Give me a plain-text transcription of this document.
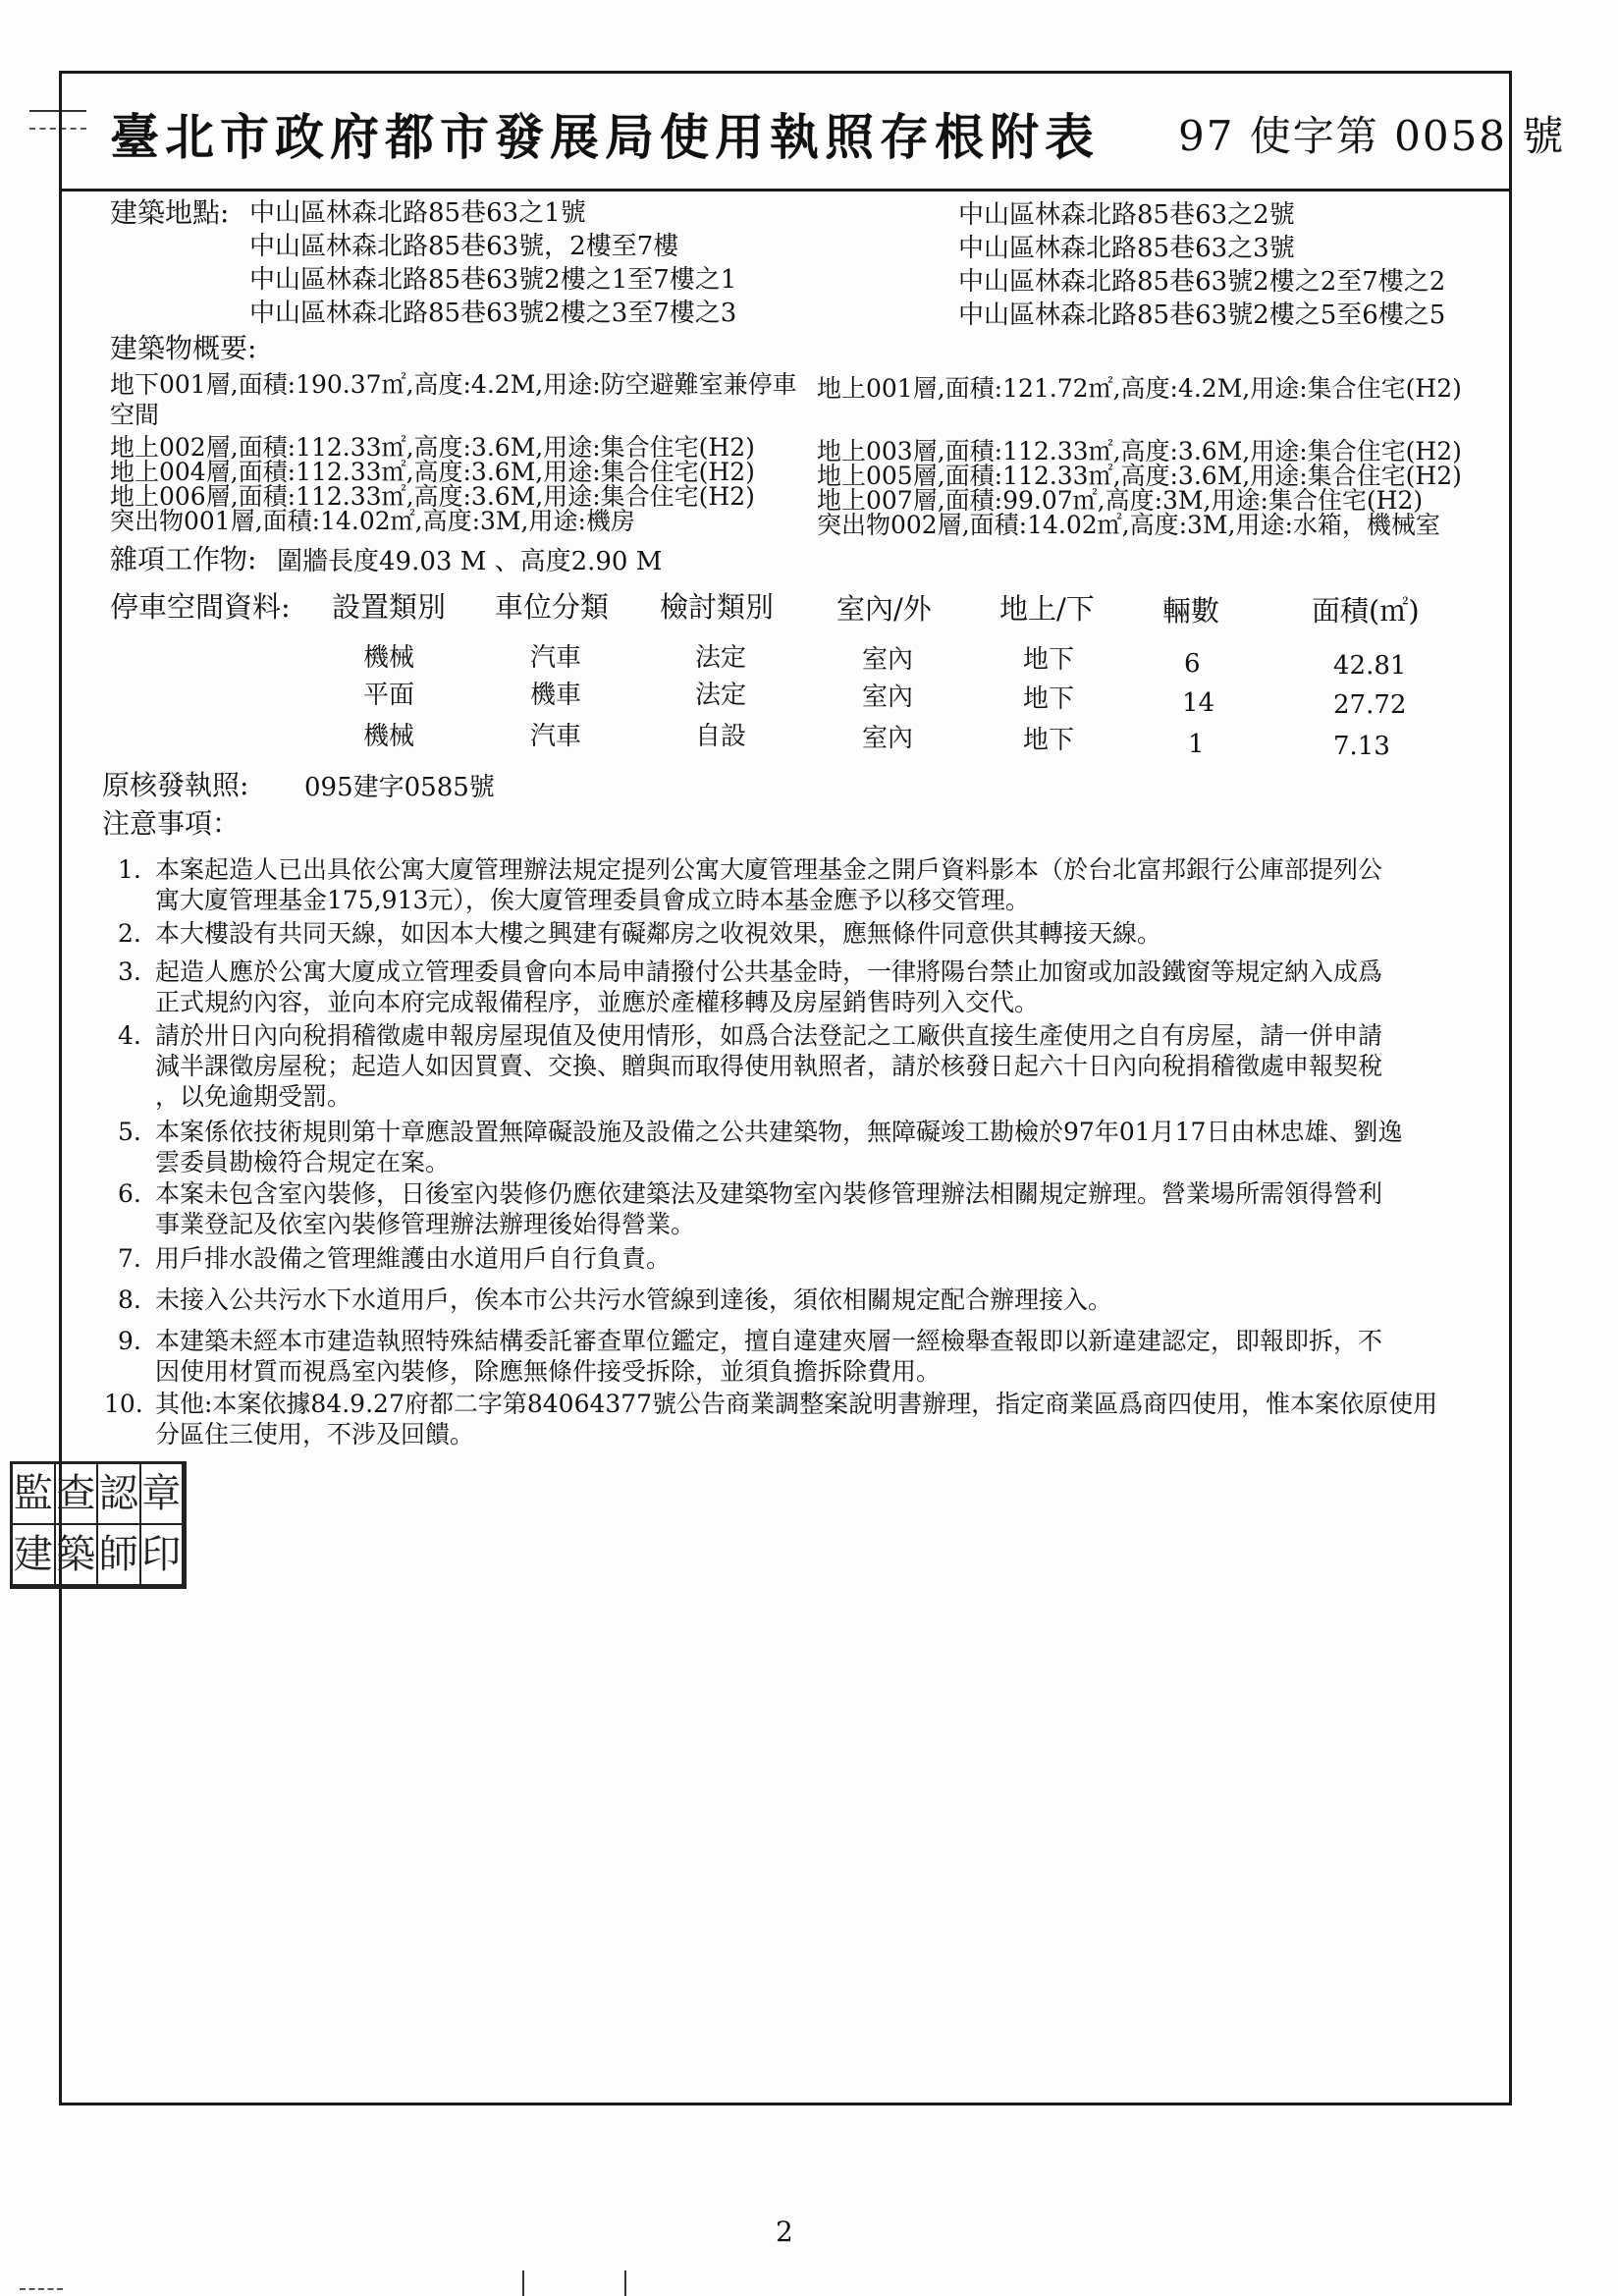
臺北市政府都市發展局使用執照存根附表 97 使字第 0058 號
建築地點: 中山區林森北路85巷63之1號
中山區林森北路85巷63號，2樓至7樓
中山區林森北路85巷63號2樓之1至7樓之1
中山區林森北路85巷63號2樓之3至7樓之3
中山區林森北路85巷63之2號
中山區林森北路85巷63之3號
中山區林森北路85巷63號2樓之2至7樓之2
中山區林森北路85巷63號2樓之5至6樓之5
建築物概要:
地下001層,面積:190.37㎡,高度:4.2M,用途:防空避難室兼停車
空間
地上001層,面積:121.72㎡,高度:4.2M,用途:集合住宅(H2)
地上002層,面積:112.33㎡,高度:3.6M,用途:集合住宅(H2)
地上004層,面積:112.33㎡,高度:3.6M,用途:集合住宅(H2)
地上006層,面積:112.33㎡,高度:3.6M,用途:集合住宅(H2)
突出物001層,面積:14.02㎡,高度:3M,用途:機房
地上003層,面積:112.33㎡,高度:3.6M,用途:集合住宅(H2)
地上005層,面積:112.33㎡,高度:3.6M,用途:集合住宅(H2)
地上007層,面積:99.07㎡,高度:3M,用途:集合住宅(H2)
突出物002層,面積:14.02㎡,高度:3M,用途:水箱，機械室
雜項工作物: 圍牆長度49.03 M 、高度2.90 M
停車空間資料: 設置類別 車位分類 檢討類別 室內/外 地上/下 輛數	面積(㎡)
機械	汽車	法定	室內	地下	6	42.81
平面	機車	法定	室內	地下	14	27.72
機械	汽車	自設	室內	地下	1	7.13
原核發執照: 095建字0585號
注意事項：
1. 本案起造人已出具依公寓大廈管理辦法規定提列公寓大廈管理基金之開戶資料影本（於台北富邦銀行公庫部提列公
寓大廈管理基金175,913元），俟大廈管理委員會成立時本基金應予以移交管理。
2. 本大樓設有共同天線，如因本大樓之興建有礙鄰房之收視效果，應無條件同意供其轉接天線。
3. 起造人應於公寓大廈成立管理委員會向本局申請撥付公共基金時，一律將陽台禁止加窗或加設鐵窗等規定納入成爲
正式規約內容，並向本府完成報備程序，並應於產權移轉及房屋銷售時列入交代。
4. 請於卅日內向稅捐稽徵處申報房屋現值及使用情形，如爲合法登記之工廠供直接生產使用之自有房屋，請一併申請
減半課徵房屋稅；起造人如因買賣、交換、贈與而取得使用執照者，請於核發日起六十日內向稅捐稽徵處申報契稅
，以免逾期受罰。
5. 本案係依技術規則第十章應設置無障礙設施及設備之公共建築物，無障礙竣工勘檢於97年01月17日由林忠雄、劉逸
雲委員勘檢符合規定在案。
6. 本案未包含室內裝修，日後室內裝修仍應依建築法及建築物室內裝修管理辦法相關規定辦理。營業場所需領得營利
事業登記及依室內裝修管理辦法辦理後始得營業。
7. 用戶排水設備之管理維護由水道用戶自行負責。
8. 未接入公共污水下水道用戶，俟本市公共污水管線到達後，須依相關規定配合辦理接入。
9. 本建築未經本市建造執照特殊結構委託審查單位鑑定，擅自違建夾層一經檢舉查報即以新違建認定，即報即拆，不
因使用材質而視爲室內裝修，除應無條件接受拆除，並須負擔拆除費用。
10. 其他:本案依據84.9.27府都二字第84064377號公告商業調整案說明書辦理，指定商業區爲商四使用，惟本案依原使用
分區住三使用，不涉及回饋。
監 查 認 章
建 築 師 印
2
